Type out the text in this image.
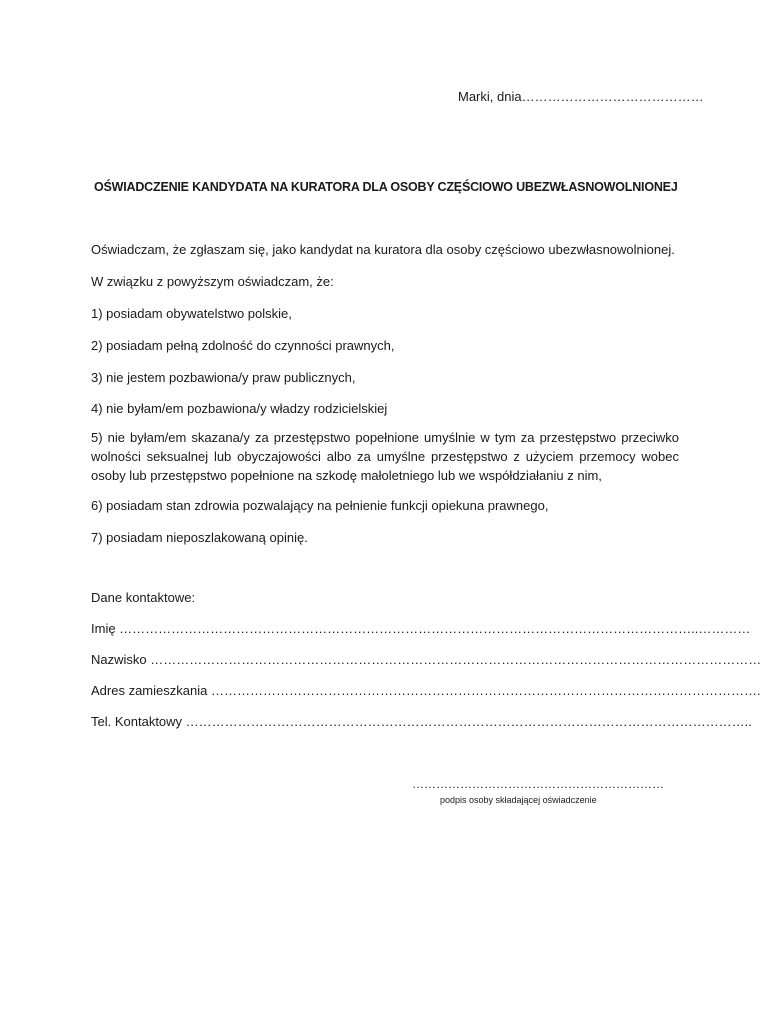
Marki, dnia……………………………………
OŚWIADCZENIE KANDYDATA NA KURATORA DLA OSOBY CZĘŚCIOWO UBEZWŁASNOWOLNIONEJ
Oświadczam, że zgłaszam się, jako kandydat na kuratora dla osoby częściowo ubezwłasnowolnionej.
W związku z powyższym oświadczam, że:
1) posiadam obywatelstwo polskie,
2) posiadam pełną zdolność do czynności prawnych,
3) nie jestem pozbawiona/y praw publicznych,
4) nie byłam/em pozbawiona/y władzy rodzicielskiej
5) nie byłam/em skazana/y za przestępstwo popełnione umyślnie w tym za przestępstwo przeciwko wolności seksualnej lub obyczajowości albo za umyślne przestępstwo z użyciem przemocy wobec osoby lub przestępstwo popełnione na szkodę małoletniego lub we współdziałaniu z nim,
6) posiadam stan zdrowia pozwalający na pełnienie funkcji opiekuna prawnego,
7) posiadam nieposzlakowaną opinię.
Dane kontaktowe:
Imię ……………………………………………………………………………………………………………………..…………
Nazwisko ……………………………………………………………………………………………………………………………
Adres zamieszkania ……………………………………………………………………………………………………………….
Tel. Kontaktowy …………………………………………………………………………………………………………………..
………………………………………………………
podpis osoby składającej oświadczenie
